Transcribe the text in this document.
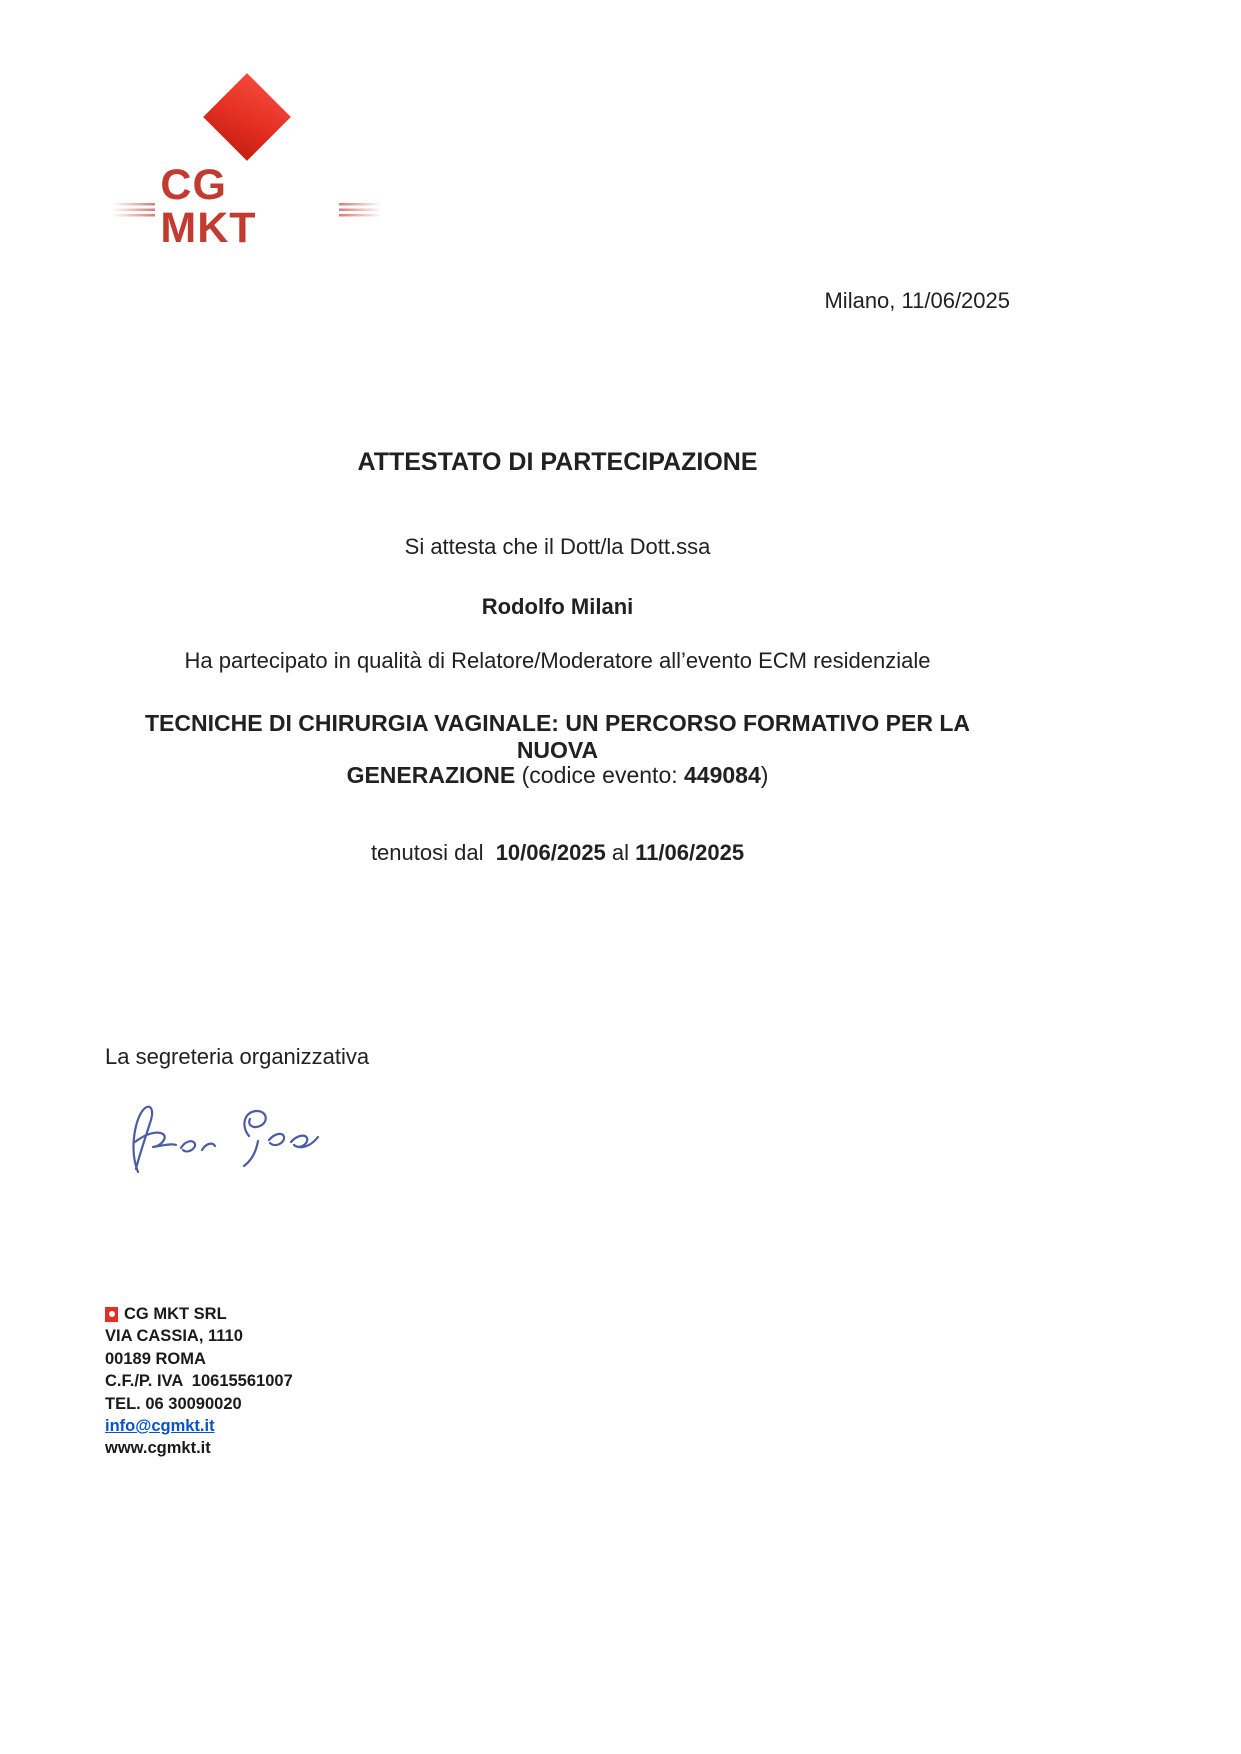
CG MKT

Milano, 11/06/2025

ATTESTATO DI PARTECIPAZIONE

Si attesta che il Dott/la Dott.ssa

Rodolfo Milani

Ha partecipato in qualità di Relatore/Moderatore all’evento ECM residenziale

TECNICHE DI CHIRURGIA VAGINALE: UN PERCORSO FORMATIVO PER LA NUOVA

GENERAZIONE (codice evento: 449084)

tenutosi dal  10/06/2025 al 11/06/2025

La segreteria organizzativa

CG MKT SRL
VIA CASSIA, 1110
00189 ROMA
C.F./P. IVA  10615561007
TEL. 06 30090020
info@cgmkt.it
www.cgmkt.it
